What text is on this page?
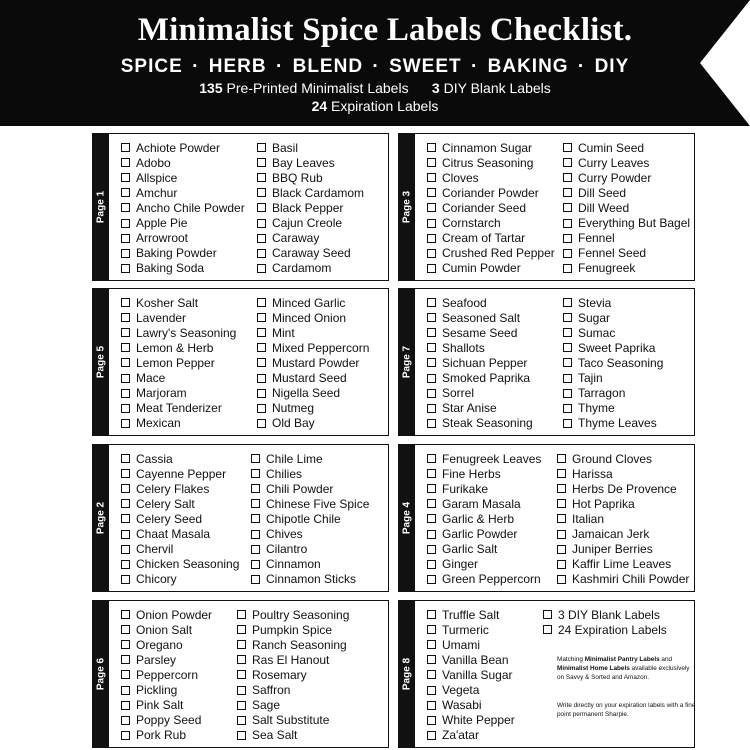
Minimalist Spice Labels Checklist.
SPICE · HERB · BLEND · SWEET · BAKING · DIY
135 Pre-Printed Minimalist Labels 3 DIY Blank Labels
24 Expiration Labels
Page 1
Achiote Powder
Adobo
Allspice
Amchur
Ancho Chile Powder
Apple Pie
Arrowroot
Baking Powder
Baking Soda
Basil
Bay Leaves
BBQ Rub
Black Cardamom
Black Pepper
Cajun Creole
Caraway
Caraway Seed
Cardamom
Page 2
Cassia
Cayenne Pepper
Celery Flakes
Celery Salt
Celery Seed
Chaat Masala
Chervil
Chicken Seasoning
Chicory
Chile Lime
Chilies
Chili Powder
Chinese Five Spice
Chipotle Chile
Chives
Cilantro
Cinnamon
Cinnamon Sticks
Page 3
Cinnamon Sugar
Citrus Seasoning
Cloves
Coriander Powder
Coriander Seed
Cornstarch
Cream of Tartar
Crushed Red Pepper
Cumin Powder
Cumin Seed
Curry Leaves
Curry Powder
Dill Seed
Dill Weed
Everything But Bagel
Fennel
Fennel Seed
Fenugreek
Page 4
Fenugreek Leaves
Fine Herbs
Furikake
Garam Masala
Garlic & Herb
Garlic Powder
Garlic Salt
Ginger
Green Peppercorn
Ground Cloves
Harissa
Herbs De Provence
Hot Paprika
Italian
Jamaican Jerk
Juniper Berries
Kaffir Lime Leaves
Kashmiri Chili Powder
Page 5
Kosher Salt
Lavender
Lawry's Seasoning
Lemon & Herb
Lemon Pepper
Mace
Marjoram
Meat Tenderizer
Mexican
Minced Garlic
Minced Onion
Mint
Mixed Peppercorn
Mustard Powder
Mustard Seed
Nigella Seed
Nutmeg
Old Bay
Page 6
Onion Powder
Onion Salt
Oregano
Parsley
Peppercorn
Pickling
Pink Salt
Poppy Seed
Pork Rub
Poultry Seasoning
Pumpkin Spice
Ranch Seasoning
Ras El Hanout
Rosemary
Saffron
Sage
Salt Substitute
Sea Salt
Page 7
Seafood
Seasoned Salt
Sesame Seed
Shallots
Sichuan Pepper
Smoked Paprika
Sorrel
Star Anise
Steak Seasoning
Stevia
Sugar
Sumac
Sweet Paprika
Taco Seasoning
Tajin
Tarragon
Thyme
Thyme Leaves
Page 8
Truffle Salt
Turmeric
Umami
Vanilla Bean
Vanilla Sugar
Vegeta
Wasabi
White Pepper
Za'atar
3 DIY Blank Labels
24 Expiration Labels
Matching Minimalist Pantry Labels and Minimalist Home Labels available exclusively on Savvy & Sorted and Amazon.
Write directly on your expiration labels with a fine point permanent Sharpie.
